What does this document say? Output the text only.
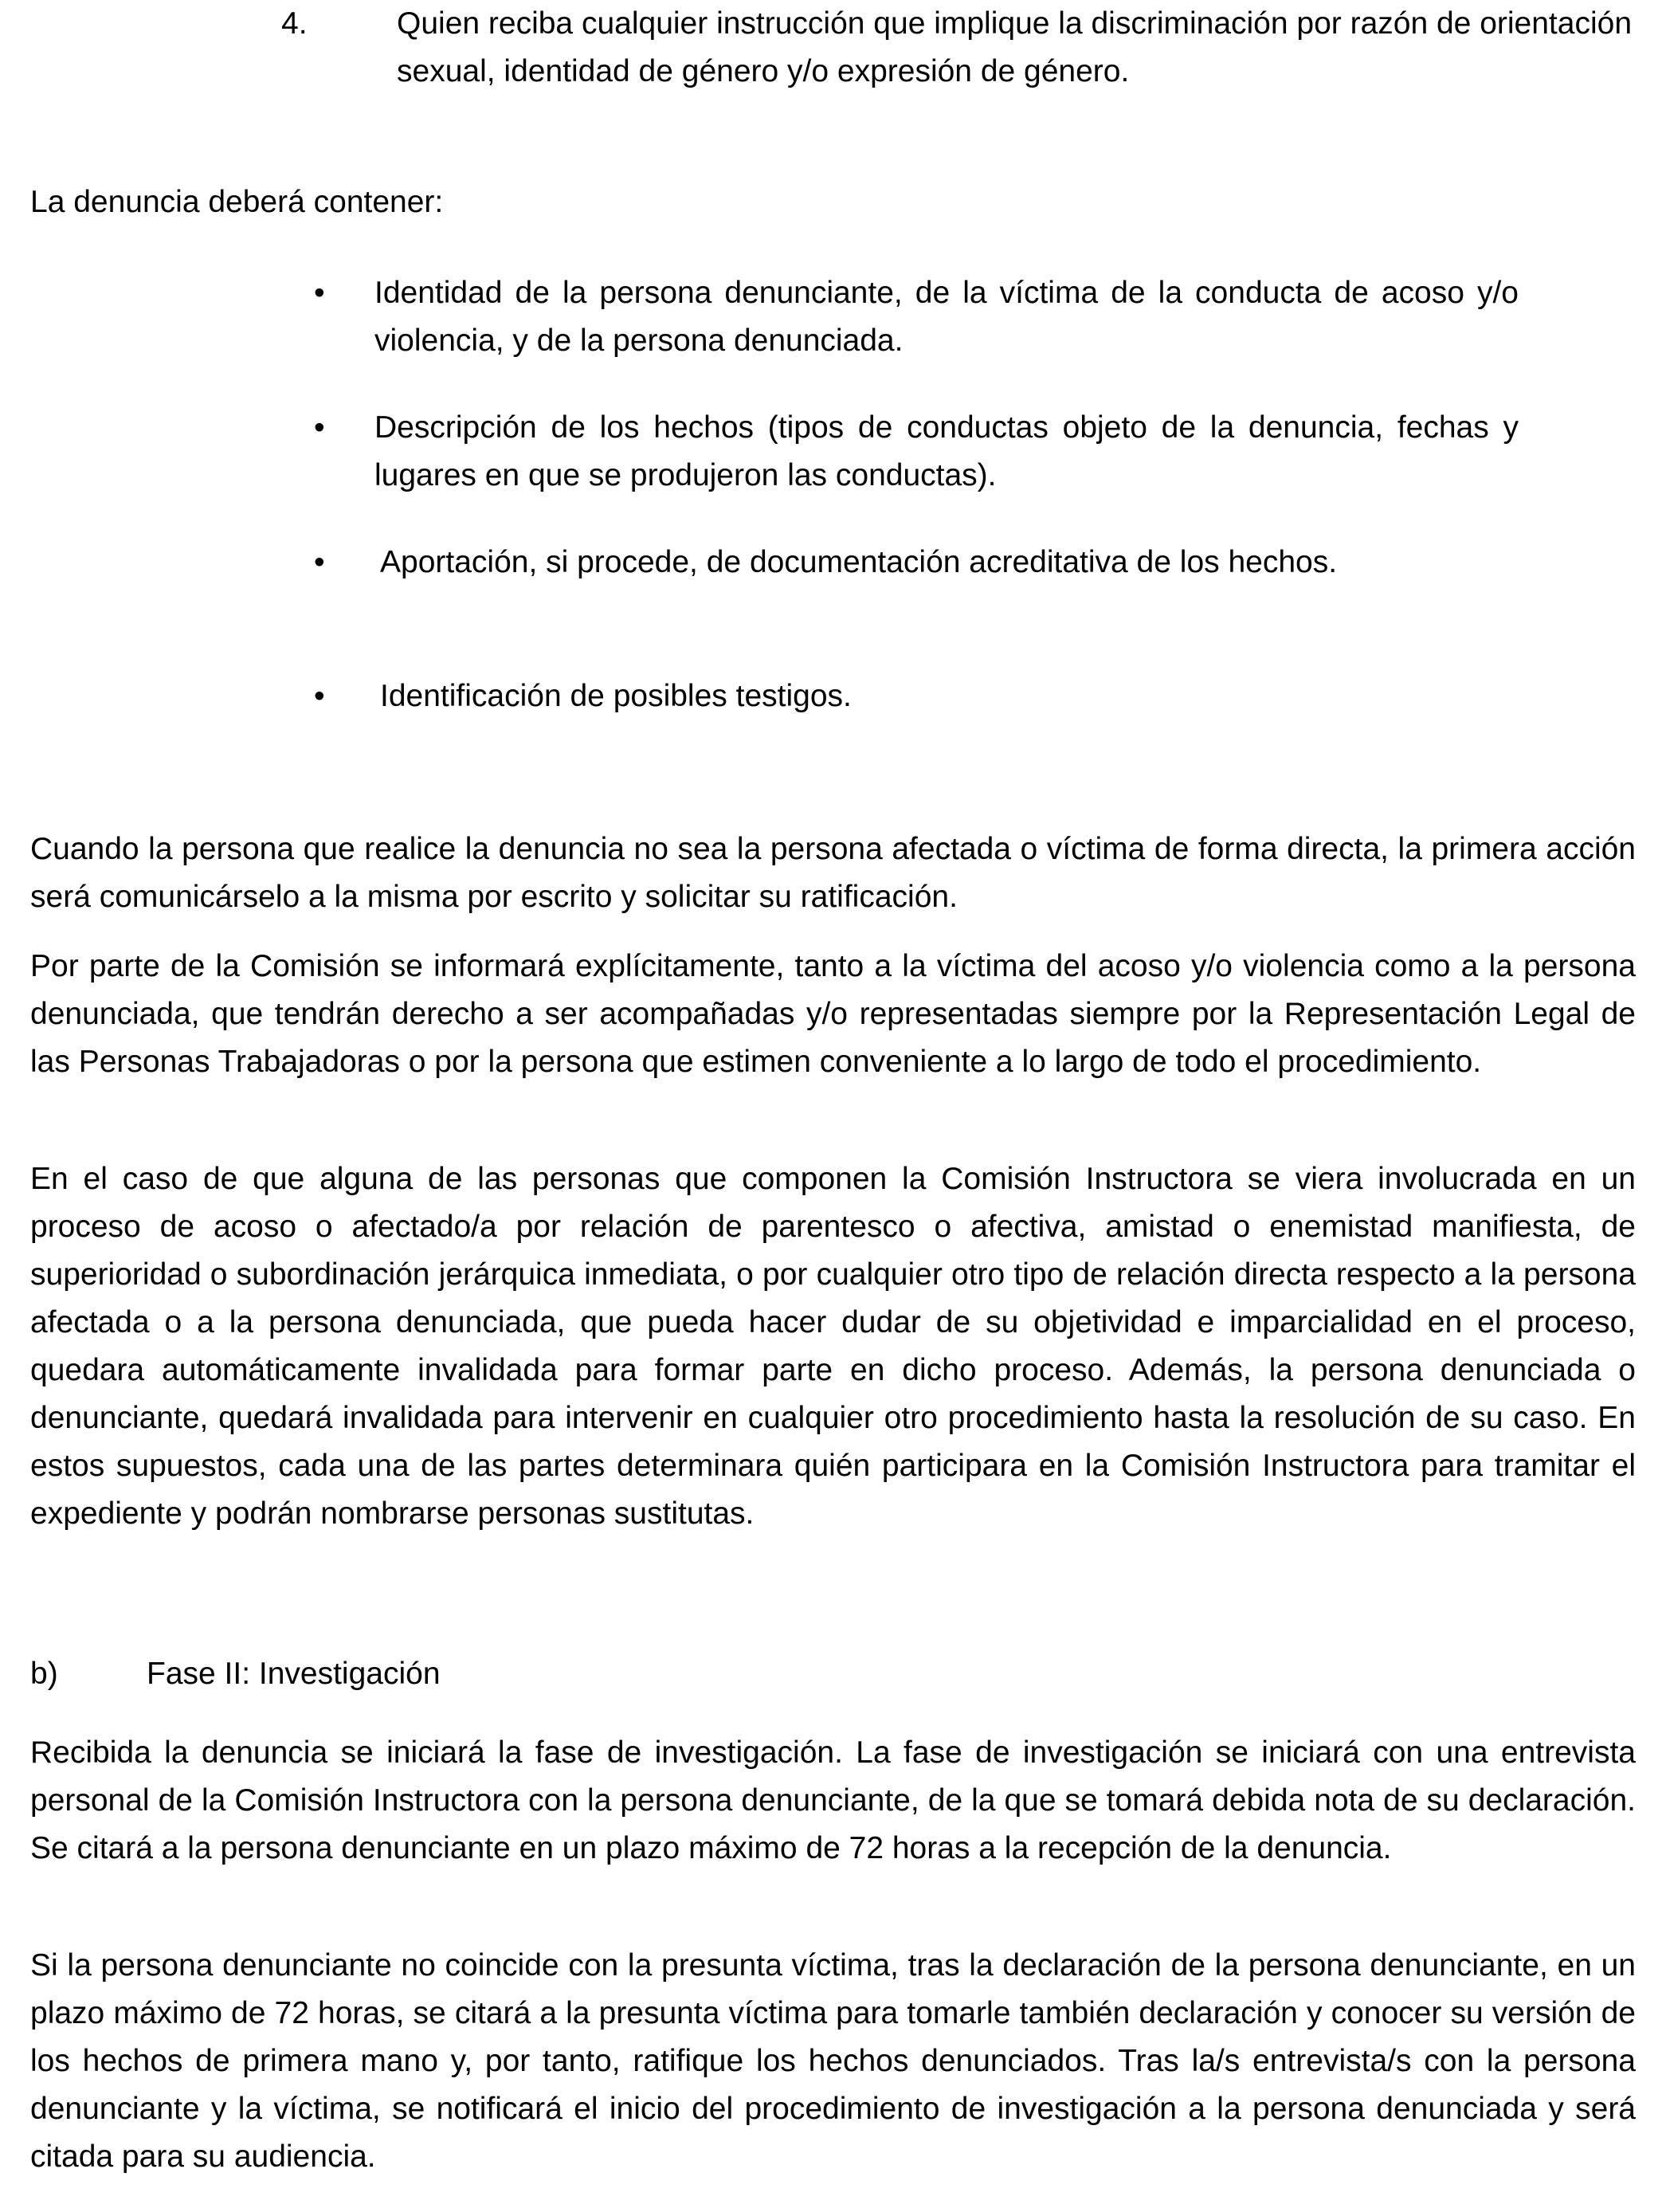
4.	Quien reciba cualquier instrucción que implique la discriminación por razón de orientación sexual, identidad de género y/o expresión de género.
La denuncia deberá contener:
•	Identidad de la persona denunciante, de la víctima de la conducta de acoso y/o violencia, y de la persona denunciada.
•	Descripción de los hechos (tipos de conductas objeto de la denuncia, fechas y lugares en que se produjeron las conductas).
•	Aportación, si procede, de documentación acreditativa de los hechos.
•	Identificación de posibles testigos.
Cuando la persona que realice la denuncia no sea la persona afectada o víctima de forma directa, la primera acción será comunicárselo a la misma por escrito y solicitar su ratificación.
Por parte de la Comisión se informará explícitamente, tanto a la víctima del acoso y/o violencia como a la persona denunciada, que tendrán derecho a ser acompañadas y/o representadas siempre por la Representación Legal de las Personas Trabajadoras o por la persona que estimen conveniente a lo largo de todo el procedimiento.
En el caso de que alguna de las personas que componen la Comisión Instructora se viera involucrada en un proceso de acoso o afectado/a por relación de parentesco o afectiva, amistad o enemistad manifiesta, de superioridad o subordinación jerárquica inmediata, o por cualquier otro tipo de relación directa respecto a la persona afectada o a la persona denunciada, que pueda hacer dudar de su objetividad e imparcialidad en el proceso, quedara automáticamente invalidada para formar parte en dicho proceso. Además, la persona denunciada o denunciante, quedará invalidada para intervenir en cualquier otro procedimiento hasta la resolución de su caso. En estos supuestos, cada una de las partes determinara quién participara en la Comisión Instructora para tramitar el expediente y podrán nombrarse personas sustitutas.
b)	Fase II: Investigación
Recibida la denuncia se iniciará la fase de investigación. La fase de investigación se iniciará con una entrevista personal de la Comisión Instructora con la persona denunciante, de la que se tomará debida nota de su declaración. Se citará a la persona denunciante en un plazo máximo de 72 horas a la recepción de la denuncia.
Si la persona denunciante no coincide con la presunta víctima, tras la declaración de la persona denunciante, en un plazo máximo de 72 horas, se citará a la presunta víctima para tomarle también declaración y conocer su versión de los hechos de primera mano y, por tanto, ratifique los hechos denunciados. Tras la/s entrevista/s con la persona denunciante y la víctima, se notificará el inicio del procedimiento de investigación a la persona denunciada y será citada para su audiencia.
